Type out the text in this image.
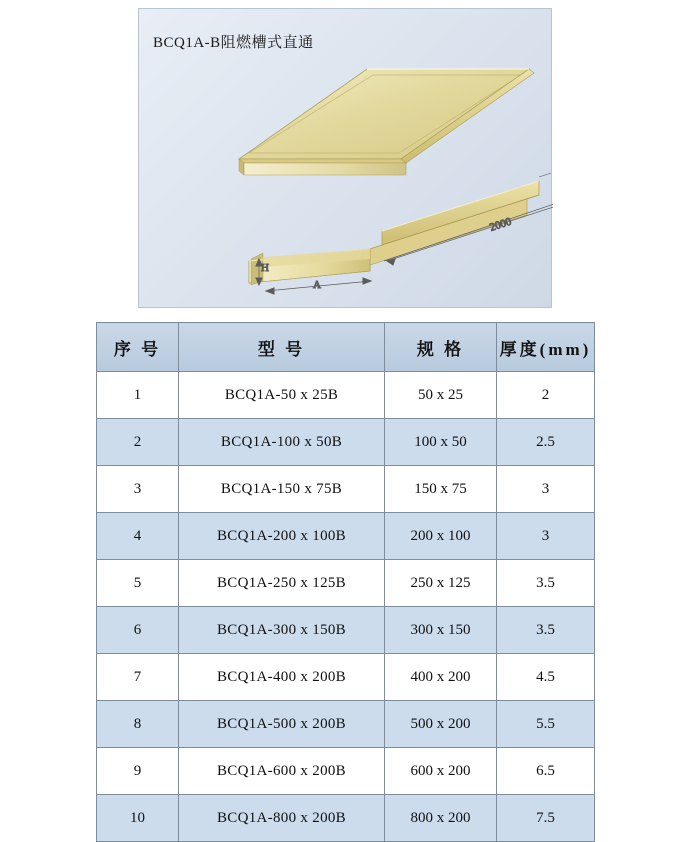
2000
A
H
BCQ1A-B阻燃槽式直通
序 号	型 号	规 格	厚度(mm)
1	BCQ1A-50 x 25B	50 x 25	2
2	BCQ1A-100 x 50B	100 x 50	2.5
3	BCQ1A-150 x 75B	150 x 75	3
4	BCQ1A-200 x 100B	200 x 100	3
5	BCQ1A-250 x 125B	250 x 125	3.5
6	BCQ1A-300 x 150B	300 x 150	3.5
7	BCQ1A-400 x 200B	400 x 200	4.5
8	BCQ1A-500 x 200B	500 x 200	5.5
9	BCQ1A-600 x 200B	600 x 200	6.5
10	BCQ1A-800 x 200B	800 x 200	7.5
